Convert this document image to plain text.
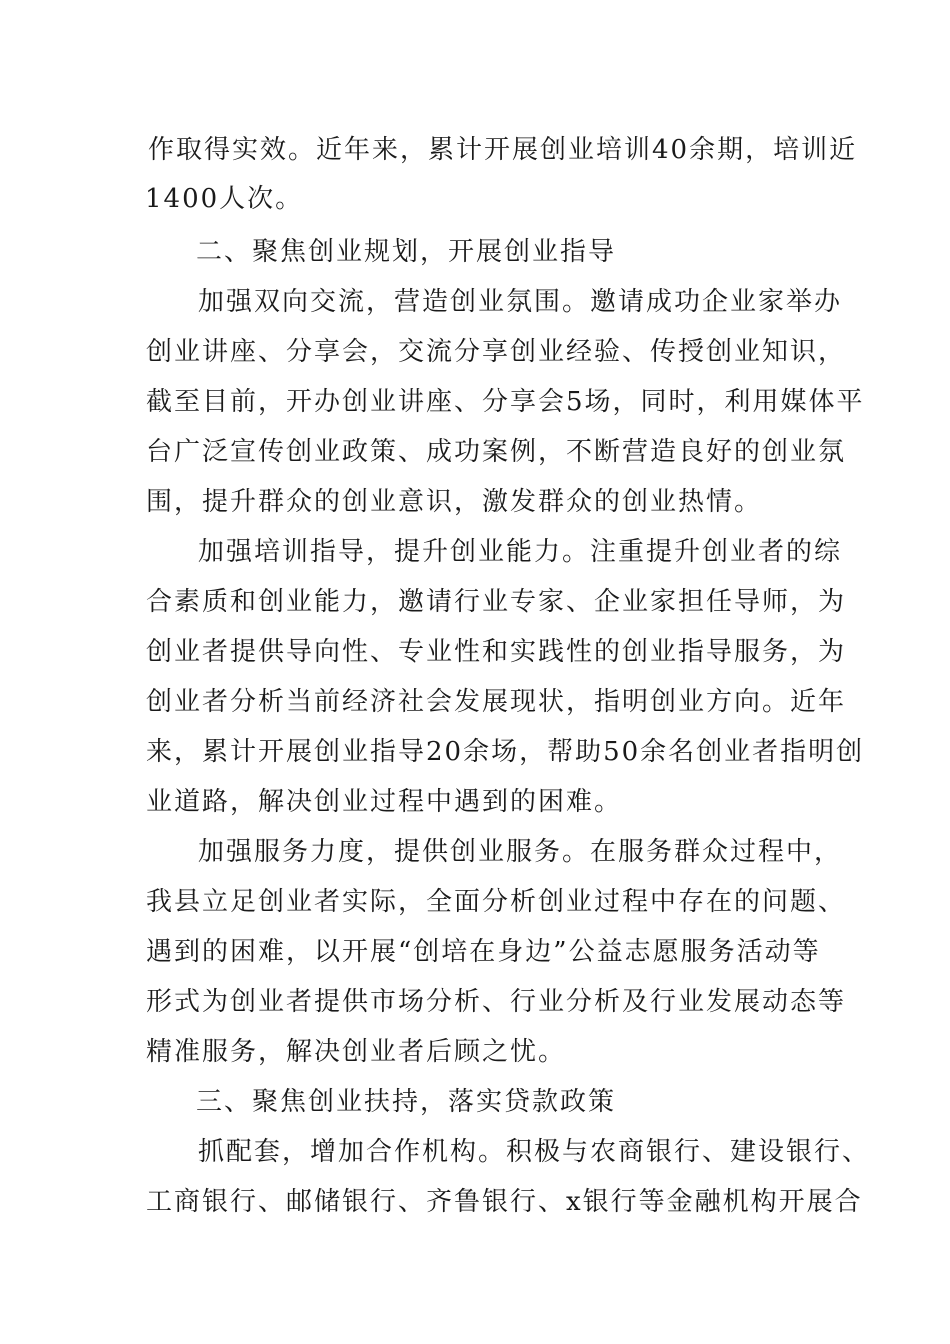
作取得实效。近年来，累计开展创业培训40余期，培训近
1400人次。
二、聚焦创业规划，开展创业指导
加强双向交流，营造创业氛围。邀请成功企业家举办
创业讲座、分享会，交流分享创业经验、传授创业知识，
截至目前，开办创业讲座、分享会5场，同时，利用媒体平
台广泛宣传创业政策、成功案例，不断营造良好的创业氛
围，提升群众的创业意识，激发群众的创业热情。
加强培训指导，提升创业能力。注重提升创业者的综
合素质和创业能力，邀请行业专家、企业家担任导师，为
创业者提供导向性、专业性和实践性的创业指导服务，为
创业者分析当前经济社会发展现状，指明创业方向。近年
来，累计开展创业指导20余场，帮助50余名创业者指明创
业道路，解决创业过程中遇到的困难。
加强服务力度，提供创业服务。在服务群众过程中，
我县立足创业者实际，全面分析创业过程中存在的问题、
遇到的困难，以开展“创培在身边”公益志愿服务活动等
形式为创业者提供市场分析、行业分析及行业发展动态等
精准服务，解决创业者后顾之忧。
三、聚焦创业扶持，落实贷款政策
抓配套，增加合作机构。积极与农商银行、建设银行、
工商银行、邮储银行、齐鲁银行、x银行等金融机构开展合
